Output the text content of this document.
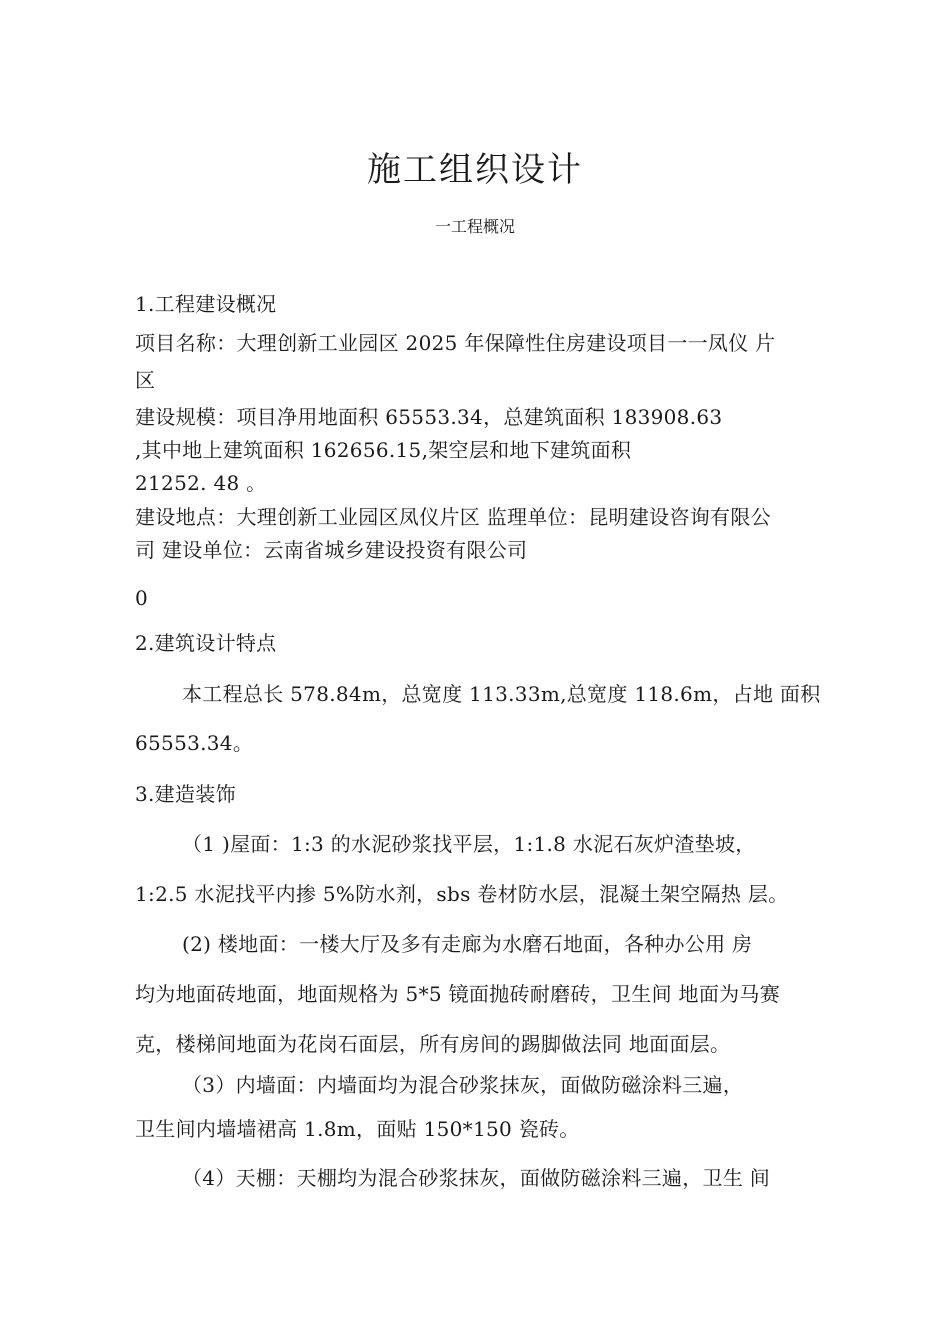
施工组织设计
一工程概况
1.工程建设概况
项目名称：大理创新工业园区 2025 年保障性住房建设项目一一凤仪 片
区
建设规模：项目净用地面积 65553.34，总建筑面积 183908.63
,其中地上建筑面积 162656.15,架空层和地下建筑面积
21252. 48 。
建设地点：大理创新工业园区凤仪片区 监理单位：昆明建设咨询有限公
司 建设单位：云南省城乡建设投资有限公司
0
2.建筑设计特点
本工程总长 578.84m，总宽度 113.33m,总宽度 118.6m，占地 面积
65553.34。
3.建造装饰
（1 )屋面：1:3 的水泥砂浆找平层，1:1.8 水泥石灰炉渣垫坡，
1:2.5 水泥找平内掺 5%防水剂，sbs 卷材防水层，混凝土架空隔热 层。
(2) 楼地面：一楼大厅及多有走廊为水磨石地面，各种办公用 房
均为地面砖地面，地面规格为 5*5 镜面抛砖耐磨砖，卫生间 地面为马赛
克，楼梯间地面为花岗石面层，所有房间的踢脚做法同 地面面层。
（3）内墙面：内墙面均为混合砂浆抹灰，面做防磁涂料三遍，
卫生间内墙墙裙高 1.8m，面贴 150*150 瓷砖。
（4）天棚：天棚均为混合砂浆抹灰，面做防磁涂料三遍，卫生 间
